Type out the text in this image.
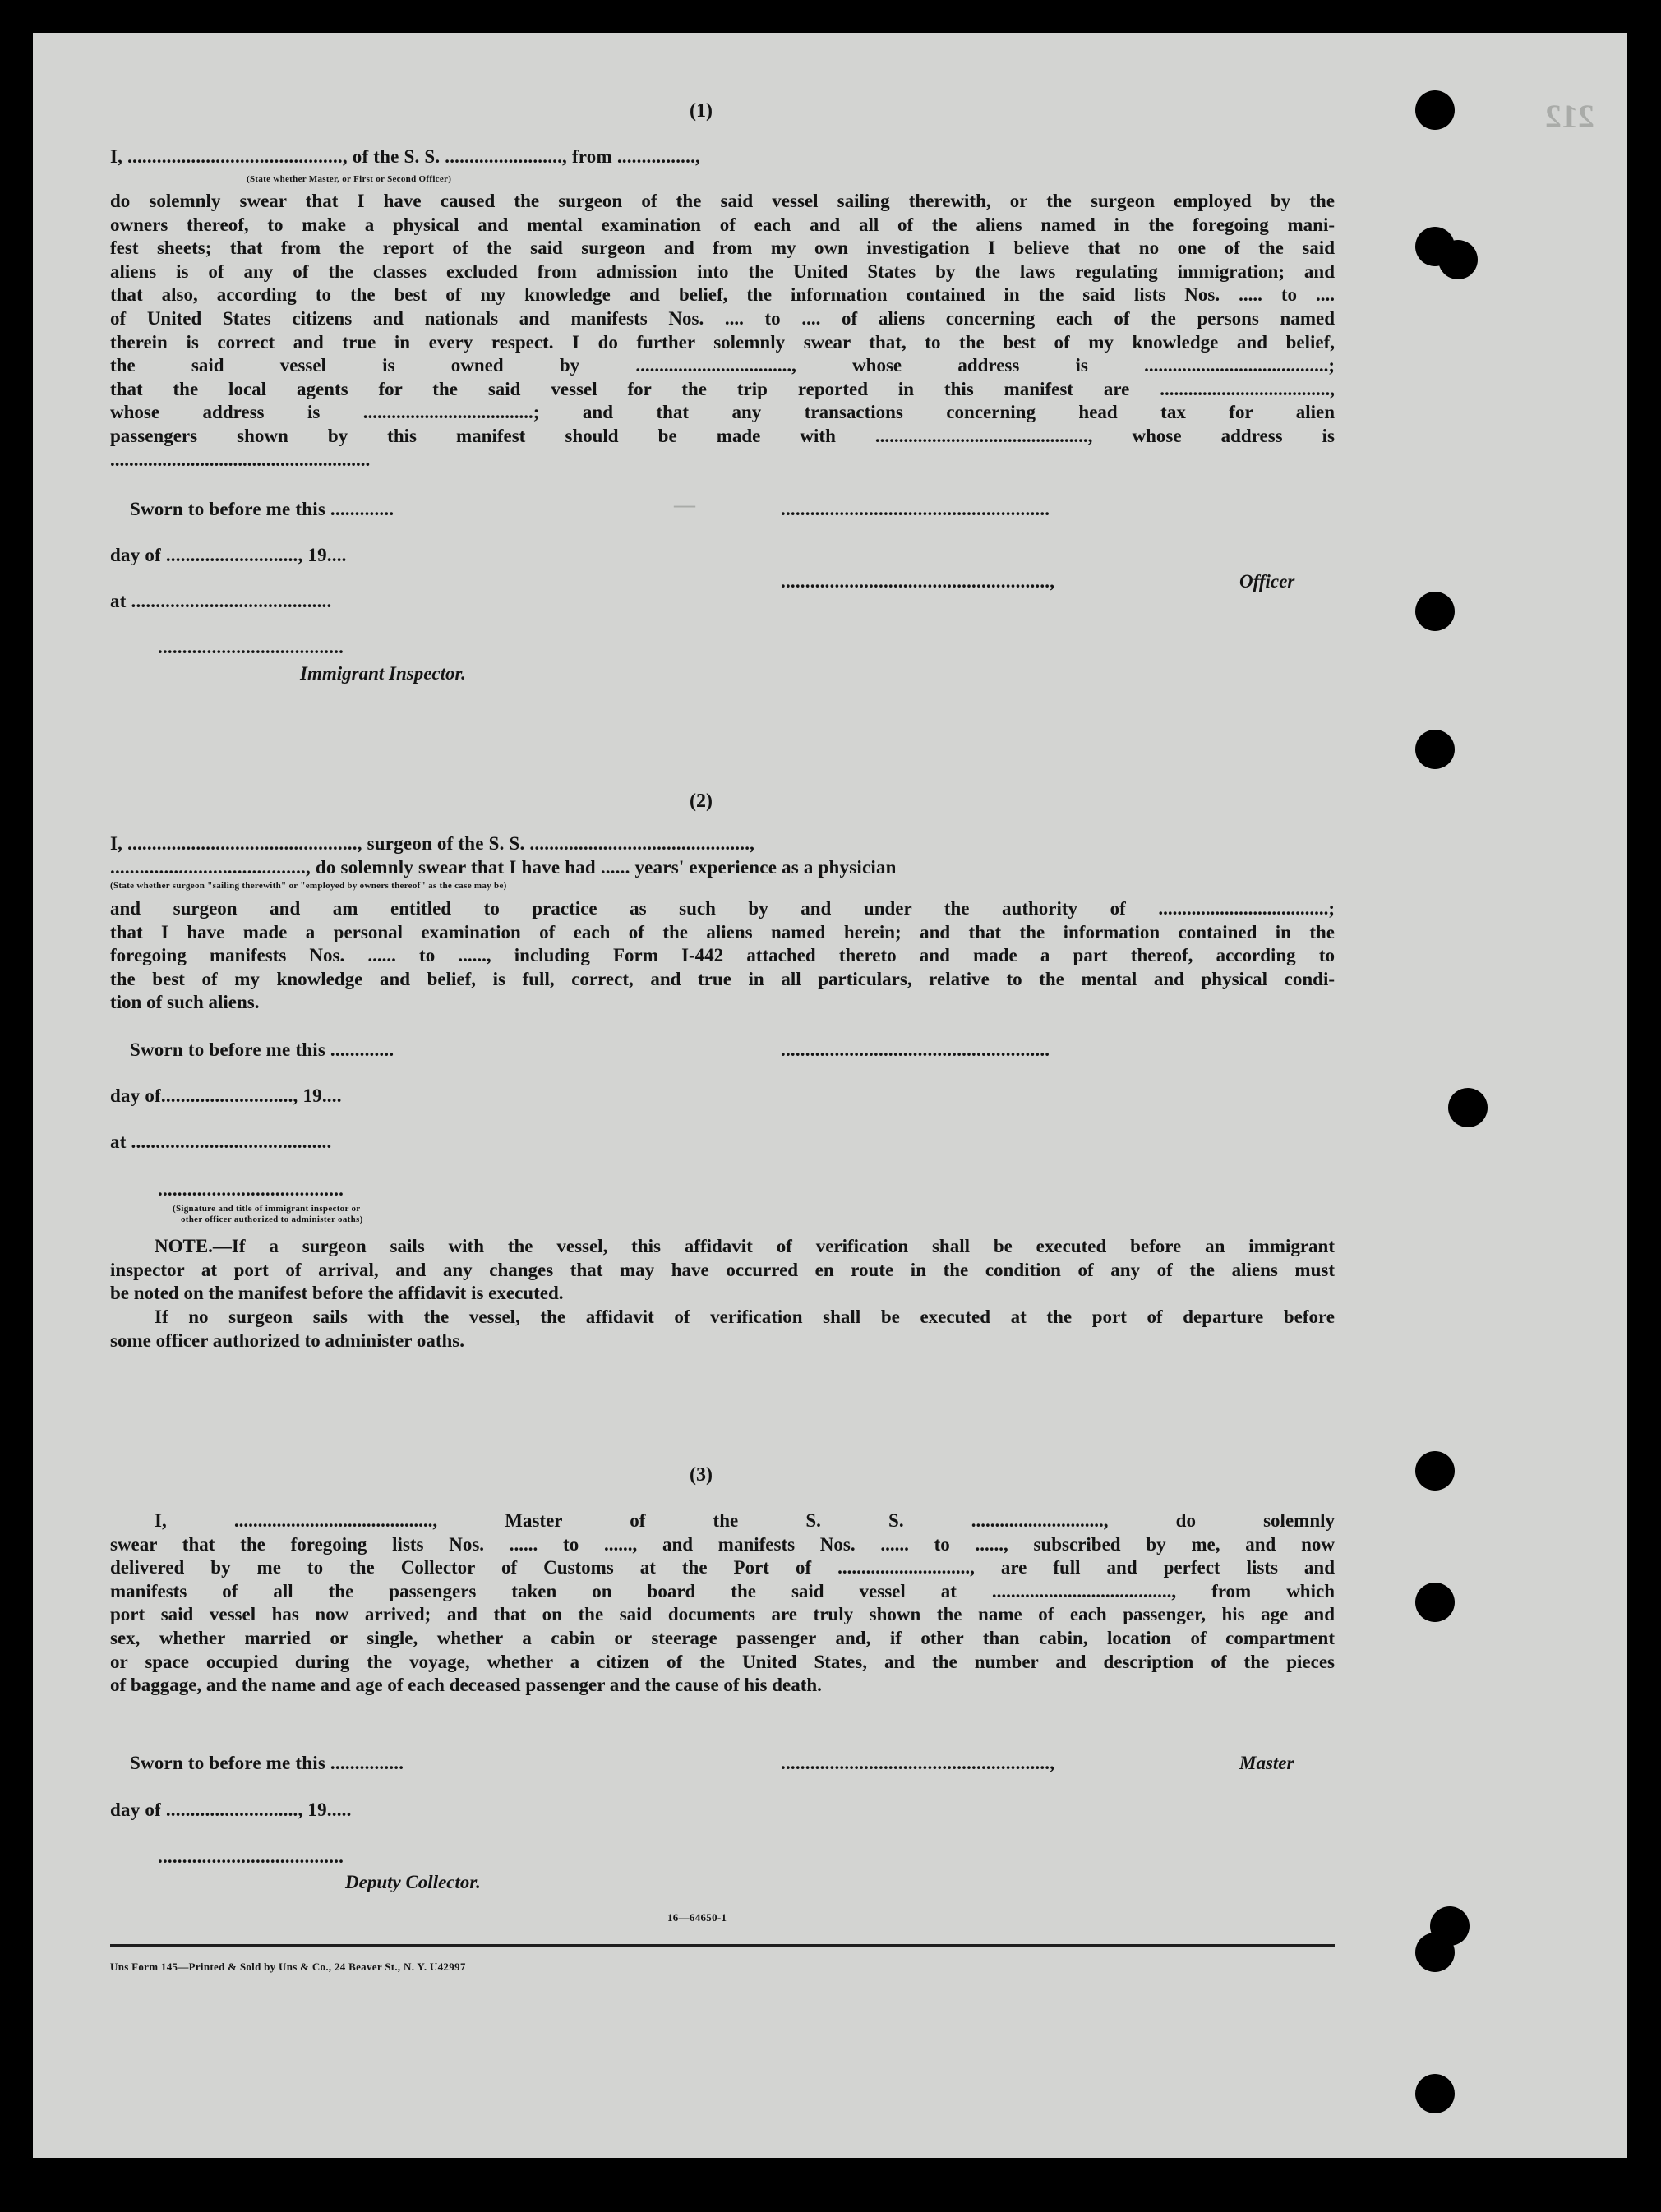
212
—
(1)
I, ............................................, of the S. S. ........................, from ................,
(State whether Master, or First or Second Officer)
do solemnly swear that I have caused the surgeon of the said vessel sailing therewith, or the surgeon employed by the
owners thereof, to make a physical and mental examination of each and all of the aliens named in the foregoing mani-
fest sheets; that from the report of the said surgeon and from my own investigation I believe that no one of the said
aliens is of any of the classes excluded from admission into the United States by the laws regulating immigration; and
that also, according to the best of my knowledge and belief, the information contained in the said lists Nos. ..... to ....
of United States citizens and nationals and manifests Nos. .... to .... of aliens concerning each of the persons named
therein is correct and true in every respect. I do further solemnly swear that, to the best of my knowledge and belief,
the said vessel is owned by ................................., whose address is .......................................;
that the local agents for the said vessel for the trip reported in this manifest are ....................................,
whose address is ....................................; and that any transactions concerning head tax for alien
passengers shown by this manifest should be made with ............................................., whose address is
.......................................................
Sworn to before me this .............
day of ..........................., 19....
at .........................................
......................................
Immigrant Inspector.
.......................................................
.......................................................,	Officer
(2)
I, ..............................................., surgeon of the S. S. .............................................,
........................................, do solemnly swear that I have had ...... years' experience as a physician
(State whether surgeon "sailing therewith" or "employed by owners thereof" as the case may be)
and surgeon and am entitled to practice as such by and under the authority of ....................................;
that I have made a personal examination of each of the aliens named herein; and that the information contained in the
foregoing manifests Nos. ...... to ......, including Form I-442 attached thereto and made a part thereof, according to
the best of my knowledge and belief, is full, correct, and true in all particulars, relative to the mental and physical condi-
tion of such aliens.
Sworn to before me this .............	.......................................................
day of..........................., 19....
at .........................................
......................................
(Signature and title of immigrant inspector or
other officer authorized to administer oaths)
NOTE.—If a surgeon sails with the vessel, this affidavit of verification shall be executed before an immigrant
inspector at port of arrival, and any changes that may have occurred en route in the condition of any of the aliens must
be noted on the manifest before the affidavit is executed.
If no surgeon sails with the vessel, the affidavit of verification shall be executed at the port of departure before
some officer authorized to administer oaths.
(3)
I, .........................................., Master of the S. S. ............................, do solemnly
swear that the foregoing lists Nos. ...... to ......, and manifests Nos. ...... to ......, subscribed by me, and now
delivered by me to the Collector of Customs at the Port of ............................, are full and perfect lists and
manifests of all the passengers taken on board the said vessel at ......................................, from which
port said vessel has now arrived; and that on the said documents are truly shown the name of each passenger, his age and
sex, whether married or single, whether a cabin or steerage passenger and, if other than cabin, location of compartment
or space occupied during the voyage, whether a citizen of the United States, and the number and description of the pieces
of baggage, and the name and age of each deceased passenger and the cause of his death.
Sworn to before me this ...............	.......................................................,	Master
day of ..........................., 19.....
......................................
Deputy Collector.
16—64650-1
Uns Form 145—Printed & Sold by Uns & Co., 24 Beaver St., N. Y. U42997
